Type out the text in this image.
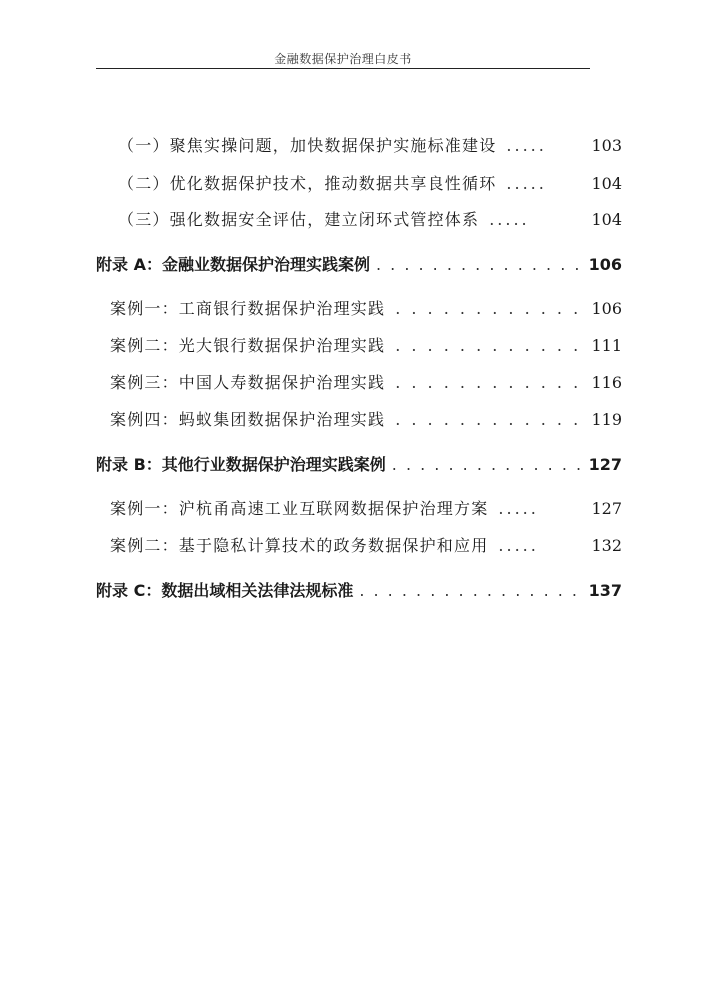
金融数据保护治理白皮书
（一）聚焦实操问题，加快数据保护实施标准建设 .....	103
（二）优化数据保护技术，推动数据共享良性循环 .....	104
（三）强化数据安全评估，建立闭环式管控体系 .....	104
附录 A：金融业数据保护治理实践案例 . . .	106
案例一：工商银行数据保护治理实践 . . .	106
案例二：光大银行数据保护治理实践 . . .	111
案例三：中国人寿数据保护治理实践 . . .	116
案例四：蚂蚁集团数据保护治理实践 . . .	119
附录 B：其他行业数据保护治理实践案例 . . .	127
案例一：沪杭甬高速工业互联网数据保护治理方案 .....	127
案例二：基于隐私计算技术的政务数据保护和应用 .....	132
附录 C：数据出域相关法律法规标准 . . .	137
